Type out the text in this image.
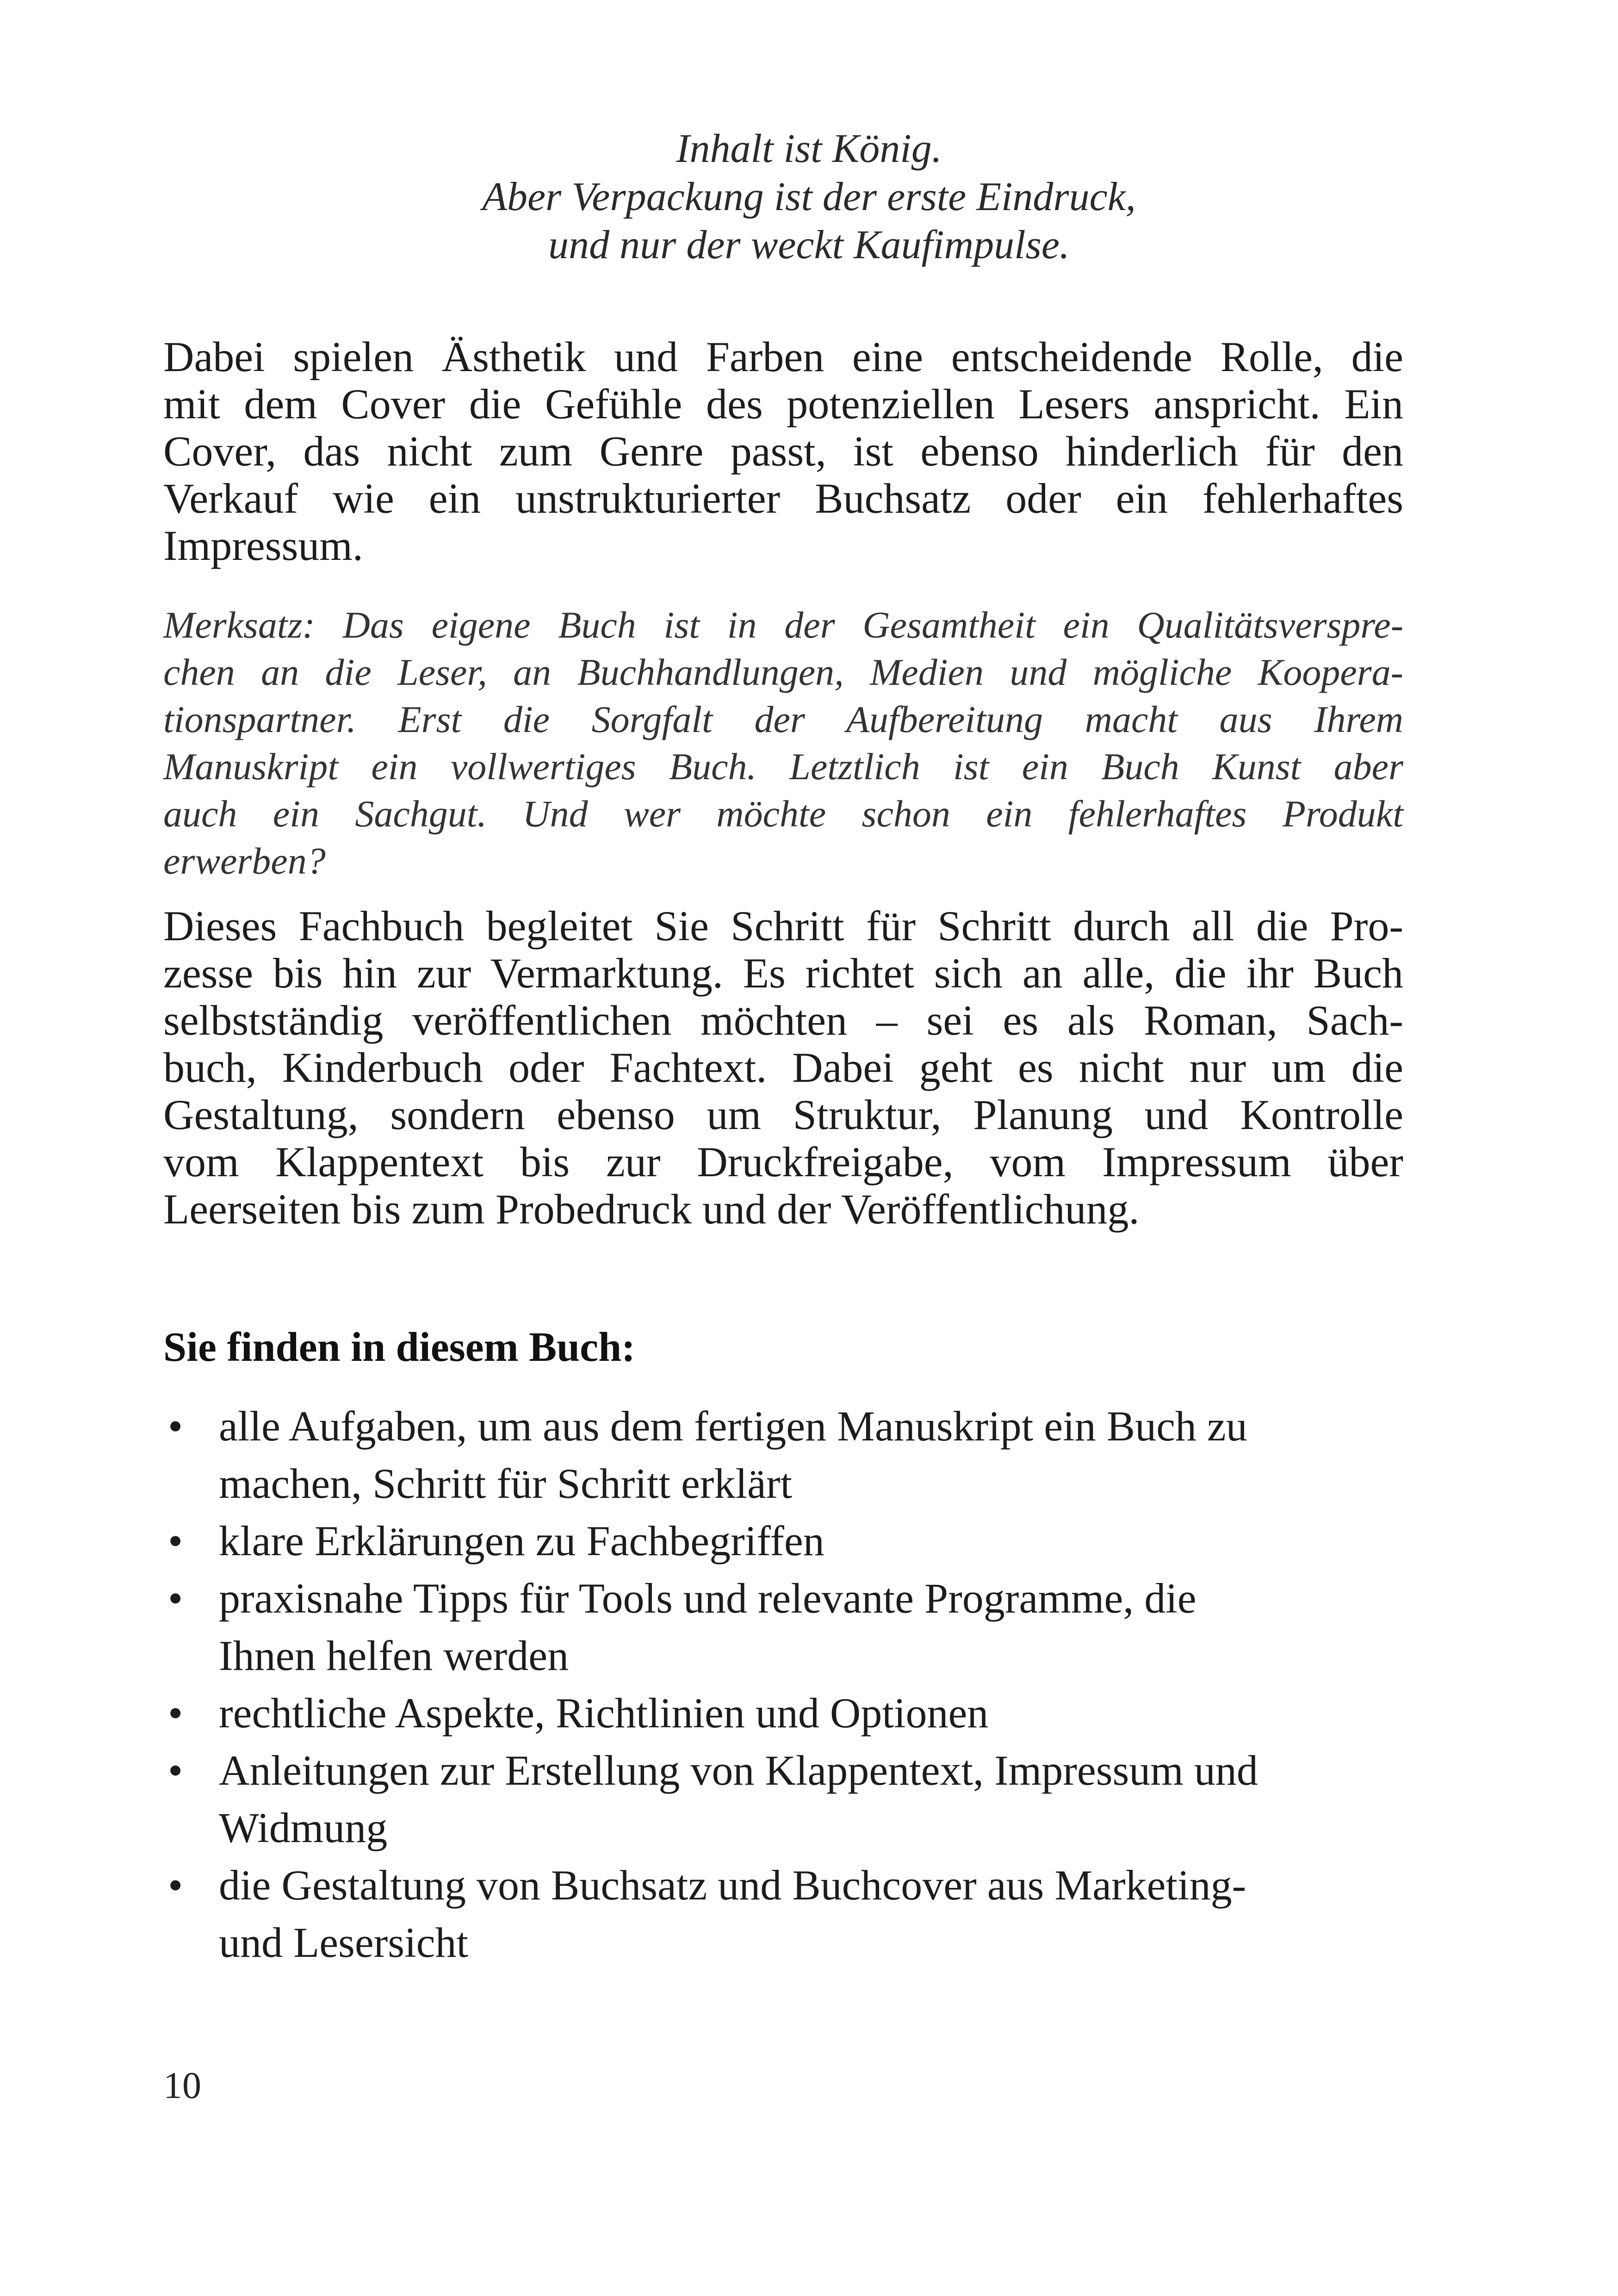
Inhalt ist König.
Aber Verpackung ist der erste Eindruck,
und nur der weckt Kaufimpulse.
Dabei spielen Ästhetik und Farben eine entscheidende Rolle, die
mit dem Cover die Gefühle des potenziellen Lesers anspricht. Ein
Cover, das nicht zum Genre passt, ist ebenso hinderlich für den
Verkauf wie ein unstrukturierter Buchsatz oder ein fehlerhaftes
Impressum.
Merksatz: Das eigene Buch ist in der Gesamtheit ein Qualitätsverspre-
chen an die Leser, an Buchhandlungen, Medien und mögliche Koopera-
tionspartner. Erst die Sorgfalt der Aufbereitung macht aus Ihrem
Manuskript ein vollwertiges Buch. Letztlich ist ein Buch Kunst aber
auch ein Sachgut. Und wer möchte schon ein fehlerhaftes Produkt
erwerben?
Dieses Fachbuch begleitet Sie Schritt für Schritt durch all die Pro-
zesse bis hin zur Vermarktung. Es richtet sich an alle, die ihr Buch
selbstständig veröffentlichen möchten – sei es als Roman, Sach-
buch, Kinderbuch oder Fachtext. Dabei geht es nicht nur um die
Gestaltung, sondern ebenso um Struktur, Planung und Kontrolle
vom Klappentext bis zur Druckfreigabe, vom Impressum über
Leerseiten bis zum Probedruck und der Veröffentlichung.
Sie finden in diesem Buch:
• alle Aufgaben, um aus dem fertigen Manuskript ein Buch zu
machen, Schritt für Schritt erklärt
• klare Erklärungen zu Fachbegriffen
• praxisnahe Tipps für Tools und relevante Programme, die
Ihnen helfen werden
• rechtliche Aspekte, Richtlinien und Optionen
• Anleitungen zur Erstellung von Klappentext, Impressum und
Widmung
• die Gestaltung von Buchsatz und Buchcover aus Marketing-
und Lesersicht
10
